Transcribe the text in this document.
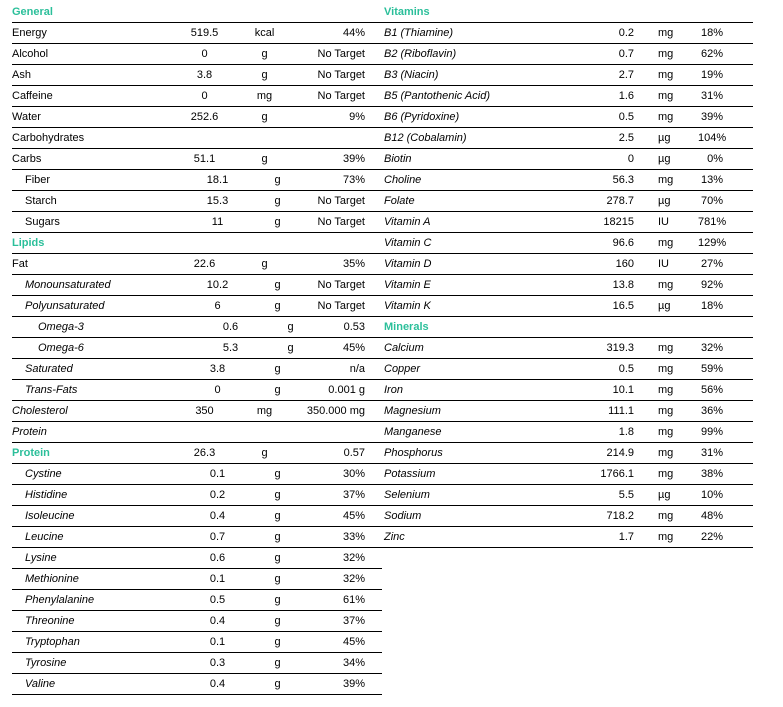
General
Energy	519.5	kcal	44%
Alcohol	0	g	No Target
Ash	3.8	g	No Target
Caffeine	0	mg	No Target
Water	252.6	g	9%
Carbohydrates
Carbs	51.1	g	39%
Fiber	18.1	g	73%
Starch	15.3	g	No Target
Sugars	11	g	No Target
Lipids
Fat	22.6	g	35%
Monounsaturated	10.2	g	No Target
Polyunsaturated	6	g	No Target
Omega-3	0.6	g	0.53
Omega-6	5.3	g	45%
Saturated	3.8	g	n/a
Trans-Fats	0	g	0.001 g
Cholesterol	350	mg	350.000 mg
Protein
Protein	26.3	g	0.57
Cystine	0.1	g	30%
Histidine	0.2	g	37%
Isoleucine	0.4	g	45%
Leucine	0.7	g	33%
Lysine	0.6	g	32%
Methionine	0.1	g	32%
Phenylalanine	0.5	g	61%
Threonine	0.4	g	37%
Tryptophan	0.1	g	45%
Tyrosine	0.3	g	34%
Valine	0.4	g	39%
Vitamins
B1 (Thiamine)	0.2	mg	18%
B2 (Riboflavin)	0.7	mg	62%
B3 (Niacin)	2.7	mg	19%
B5 (Pantothenic Acid)	1.6	mg	31%
B6 (Pyridoxine)	0.5	mg	39%
B12 (Cobalamin)	2.5	µg	104%
Biotin	0	µg	0%
Choline	56.3	mg	13%
Folate	278.7	µg	70%
Vitamin A	18215	IU	781%
Vitamin C	96.6	mg	129%
Vitamin D	160	IU	27%
Vitamin E	13.8	mg	92%
Vitamin K	16.5	µg	18%
Minerals
Calcium	319.3	mg	32%
Copper	0.5	mg	59%
Iron	10.1	mg	56%
Magnesium	111.1	mg	36%
Manganese	1.8	mg	99%
Phosphorus	214.9	mg	31%
Potassium	1766.1	mg	38%
Selenium	5.5	µg	10%
Sodium	718.2	mg	48%
Zinc	1.7	mg	22%
